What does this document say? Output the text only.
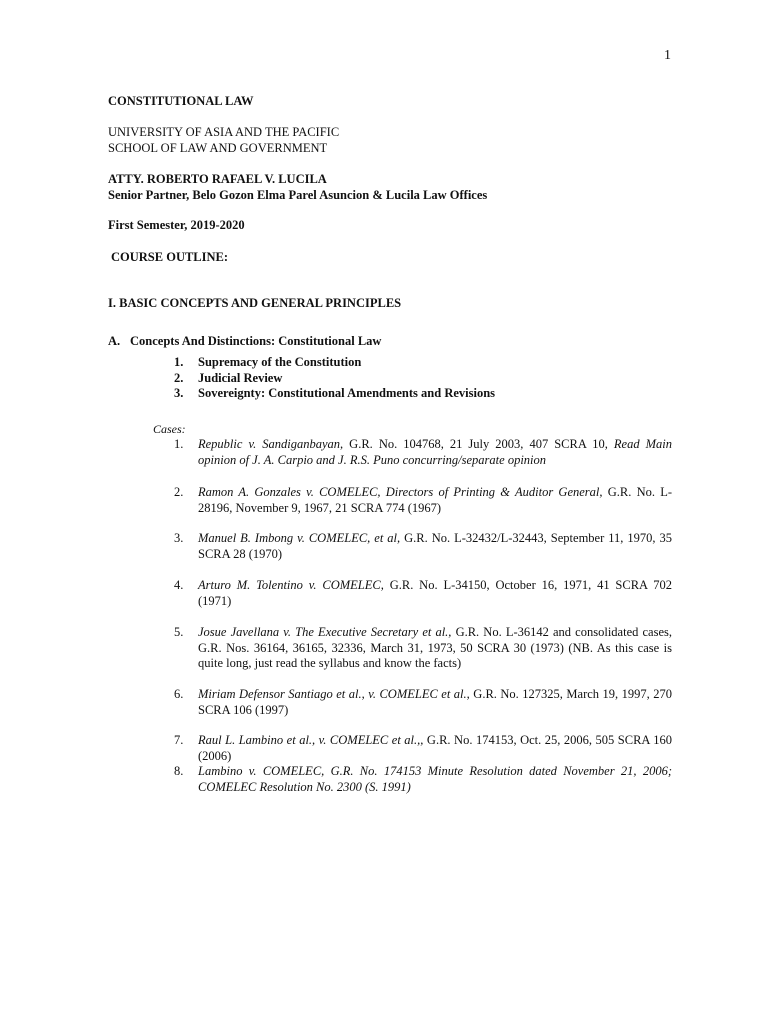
1
CONSTITUTIONAL LAW
UNIVERSITY OF ASIA AND THE PACIFIC
SCHOOL OF LAW AND GOVERNMENT
ATTY. ROBERTO RAFAEL V. LUCILA
Senior Partner, Belo Gozon Elma Parel Asuncion & Lucila Law Offices
First Semester, 2019-2020
COURSE OUTLINE:
I. BASIC CONCEPTS AND GENERAL PRINCIPLES
A. Concepts And Distinctions: Constitutional Law
1.	Supremacy of the Constitution
2.	Judicial Review
3.	Sovereignty: Constitutional Amendments and Revisions
Cases:
1.	Republic v. Sandiganbayan, G.R. No. 104768, 21 July 2003, 407 SCRA 10, Read Main opinion of J. A. Carpio and J. R.S. Puno concurring/separate opinion
2.	Ramon A. Gonzales v. COMELEC, Directors of Printing & Auditor General, G.R. No. L-28196, November 9, 1967, 21 SCRA 774 (1967)
3.	Manuel B. Imbong v. COMELEC, et al, G.R. No. L-32432/L-32443, September 11, 1970, 35 SCRA 28 (1970)
4.	Arturo M. Tolentino v. COMELEC, G.R. No. L-34150, October 16, 1971, 41 SCRA 702 (1971)
5.	Josue Javellana v. The Executive Secretary et al., G.R. No. L-36142 and consolidated cases, G.R. Nos. 36164, 36165, 32336, March 31, 1973, 50 SCRA 30 (1973) (NB. As this case is quite long, just read the syllabus and know the facts)
6.	Miriam Defensor Santiago et al., v. COMELEC et al., G.R. No. 127325, March 19, 1997, 270 SCRA 106 (1997)
7.	Raul L. Lambino et al., v. COMELEC et al.,, G.R. No. 174153, Oct. 25, 2006, 505 SCRA 160 (2006)
8.	Lambino v. COMELEC, G.R. No. 174153 Minute Resolution dated November 21, 2006; COMELEC Resolution No. 2300 (S. 1991)
